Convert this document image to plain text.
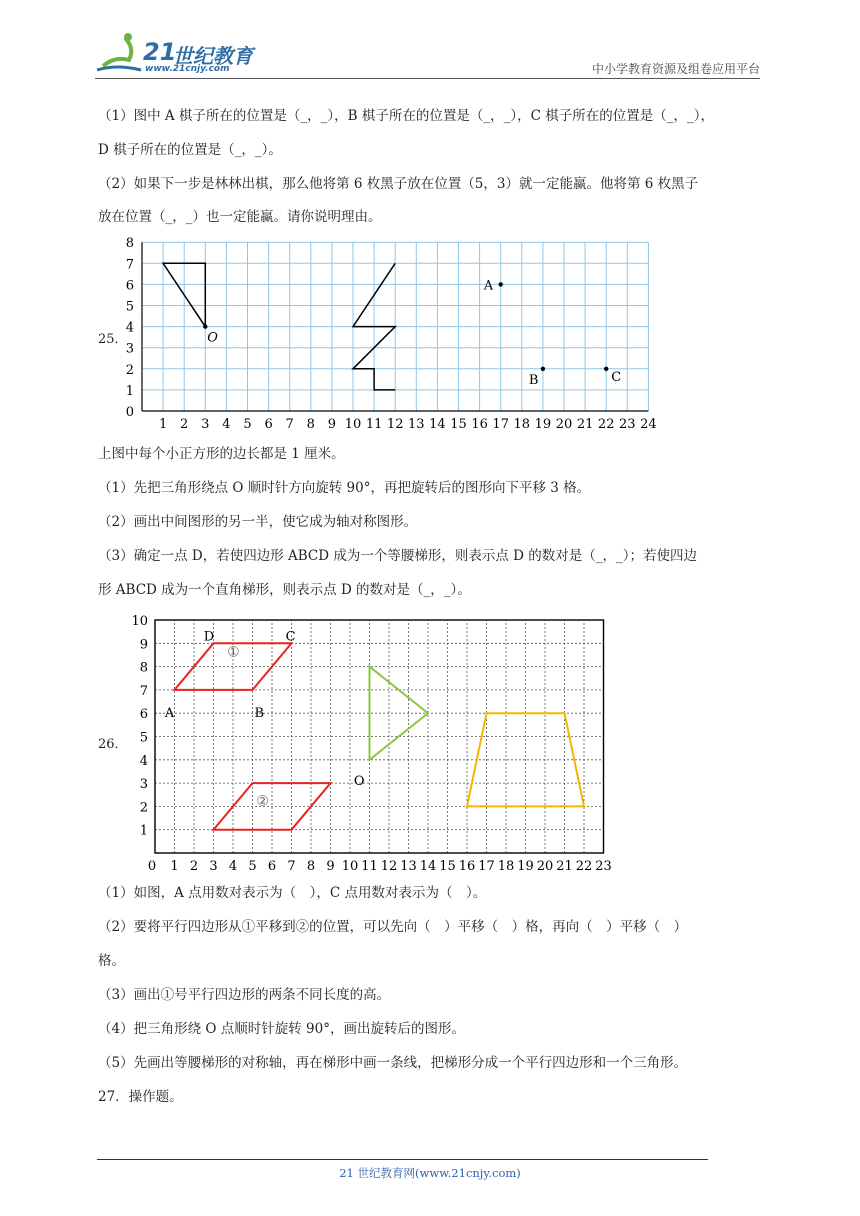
21
世纪教育
www.21cnjy.com	中小学教育资源及组卷应用平台
（1）图中 A 棋子所在的位置是（_，_），B 棋子所在的位置是（_，_），C 棋子所在的位置是（_，_），
D 棋子所在的位置是（_，_）。
（2）如果下一步是林林出棋，那么他将第 6 枚黑子放在位置（5，3）就一定能赢。他将第 6 枚黑子
放在位置（_，_）也一定能赢。请你说明理由。
25．
1 2 3 4 5 6 7 8 9 10 11 12 13 14 15 16 17 18 19 20 21 22 23 24
0
1
2
3
4
5
6
7
8
O
A
B	C
上图中每个小正方形的边长都是 1 厘米。
（1）先把三角形绕点 O 顺时针方向旋转 90°，再把旋转后的图形向下平移 3 格。
（2）画出中间图形的另一半，使它成为轴对称图形。
（3）确定一点 D，若使四边形 ABCD 成为一个等腰梯形，则表示点 D 的数对是（_，_）；若使四边
形 ABCD 成为一个直角梯形，则表示点 D 的数对是（_，_）。
26．
0 1 2 3 4 5 6 7 8 9 10 11 12 13 14 15 16 17 18 19 20 21 22 23
1
2
3
4
5
6
7
8
9
10
A	B
C
D
O
①
②
（1）如图，A 点用数对表示为（　），C 点用数对表示为（　）。
（2）要将平行四边形从①平移到②的位置，可以先向（　）平移（　）格，再向（　）平移（　）
格。
（3）画出①号平行四边形的两条不同长度的高。
（4）把三角形绕 O 点顺时针旋转 90°，画出旋转后的图形。
（5）先画出等腰梯形的对称轴，再在梯形中画一条线，把梯形分成一个平行四边形和一个三角形。
27．操作题。
21 世纪教育网(www.21cnjy.com)
